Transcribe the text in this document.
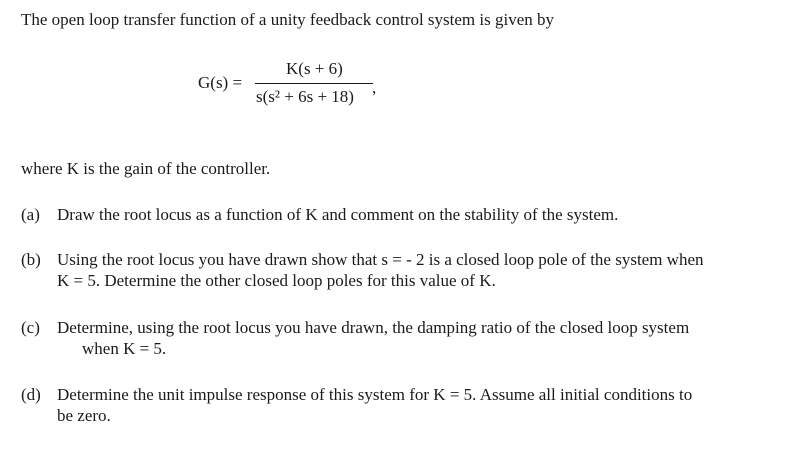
The open loop transfer function of a unity feedback control system is given by
G(s) =
K(s + 6)
s(s² + 6s + 18) ,
where K is the gain of the controller.
(a) Draw the root locus as a function of K and comment on the stability of the system.
(b) Using the root locus you have drawn show that s = - 2 is a closed loop pole of the system when
K = 5. Determine the other closed loop poles for this value of K.
(c) Determine, using the root locus you have drawn, the damping ratio of the closed loop system
when K = 5.
(d) Determine the unit impulse response of this system for K = 5. Assume all initial conditions to
be zero.
